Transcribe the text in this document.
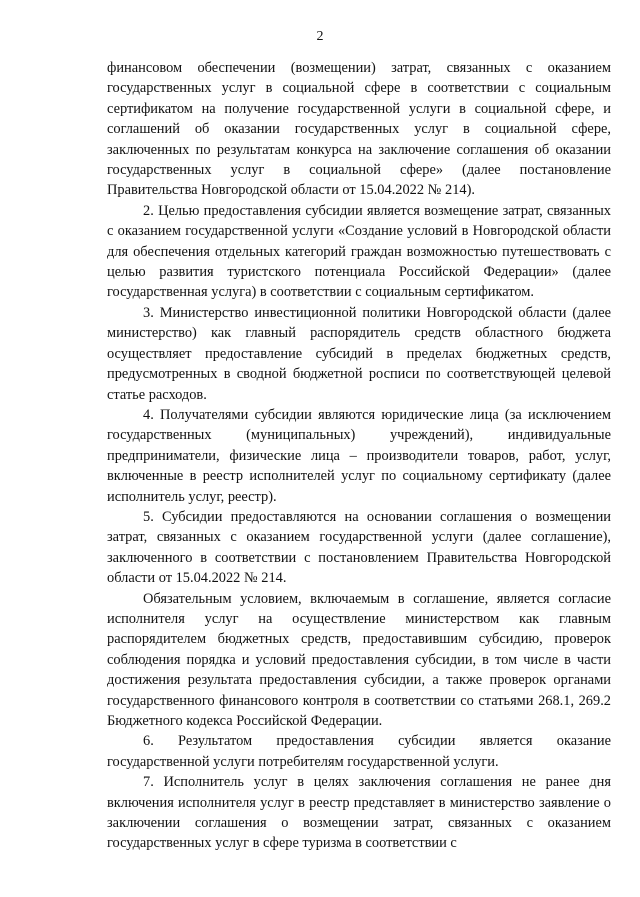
2

финансовом обеспечении (возмещении) затрат, связанных с оказанием государственных услуг в социальной сфере в соответствии с социальным сертификатом на получение государственной услуги в социальной сфере, и соглашений об оказании государственных услуг в социальной сфере, заключенных по результатам конкурса на заключение соглашения об оказании государственных услуг в социальной сфере» (далее постановление Правительства Новгородской области от 15.04.2022 № 214).

2. Целью предоставления субсидии является возмещение затрат, связанных с оказанием государственной услуги «Создание условий в Новгородской области для обеспечения отдельных категорий граждан возможностью путешествовать с целью развития туристского потенциала Российской Федерации» (далее государственная услуга) в соответствии с социальным сертификатом.

3. Министерство инвестиционной политики Новгородской области (далее министерство) как главный распорядитель средств областного бюджета осуществляет предоставление субсидий в пределах бюджетных средств, предусмотренных в сводной бюджетной росписи по соответствующей целевой статье расходов.

4. Получателями субсидии являются юридические лица (за исключением государственных (муниципальных) учреждений), индивидуальные предприниматели, физические лица – производители товаров, работ, услуг, включенные в реестр исполнителей услуг по социальному сертификату (далее исполнитель услуг, реестр).

5. Субсидии предоставляются на основании соглашения о возмещении затрат, связанных с оказанием государственной услуги (далее соглашение), заключенного в соответствии с постановлением Правительства Новгородской области от 15.04.2022 № 214.

Обязательным условием, включаемым в соглашение, является согласие исполнителя услуг на осуществление министерством как главным распорядителем бюджетных средств, предоставившим субсидию, проверок соблюдения порядка и условий предоставления субсидии, в том числе в части достижения результата предоставления субсидии, а также проверок органами государственного финансового контроля в соответствии со статьями 268.1, 269.2 Бюджетного кодекса Российской Федерации.

6. Результатом предоставления субсидии является оказание государственной услуги потребителям государственной услуги.

7. Исполнитель услуг в целях заключения соглашения не ранее дня включения исполнителя услуг в реестр представляет в министерство заявление о заключении соглашения о возмещении затрат, связанных с оказанием государственных услуг в сфере туризма в соответствии с
